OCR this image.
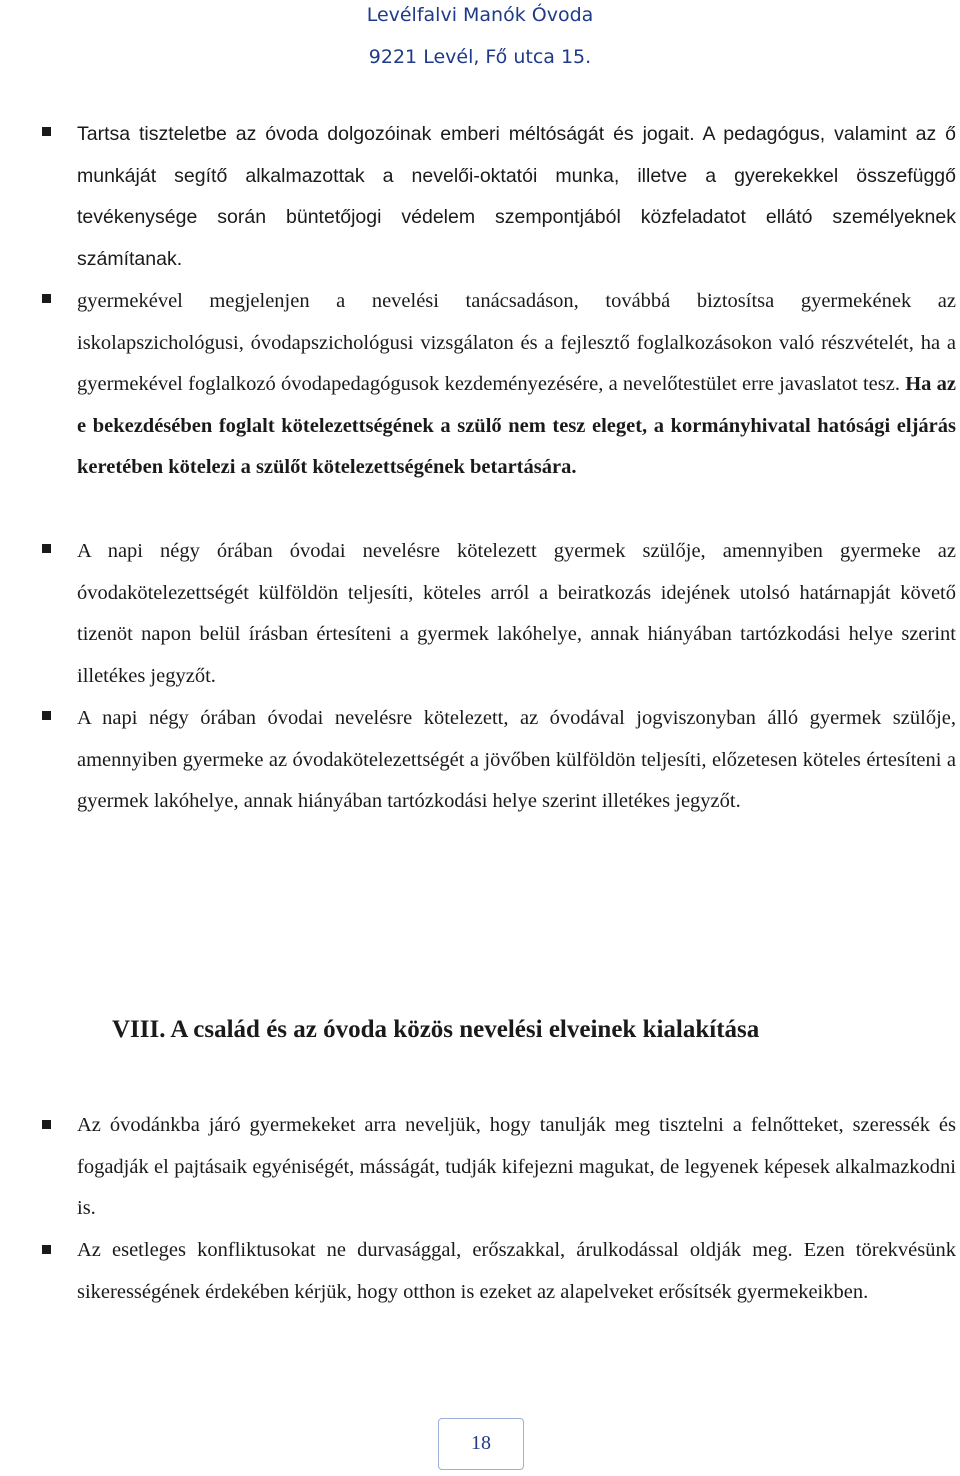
Levélfalvi Manók Óvoda
9221 Levél, Fő utca 15.
Tartsa tiszteletbe az óvoda dolgozóinak emberi méltóságát és jogait. A pedagógus, valamint az ő munkáját segítő alkalmazottak a nevelői-oktatói munka, illetve a gyerekekkel összefüggő tevékenysége során büntetőjogi védelem szempontjából közfeladatot ellátó személyeknek számítanak.
gyermekével megjelenjen a nevelési tanácsadáson, továbbá biztosítsa gyermekének az iskolapszichológusi, óvodapszichológusi vizsgálaton és a fejlesztő foglalkozásokon való részvételét, ha a gyermekével foglalkozó óvodapedagógusok kezdeményezésére, a nevelőtestület erre javaslatot tesz. Ha az e bekezdésében foglalt kötelezettségének a szülő nem tesz eleget, a kormányhivatal hatósági eljárás keretében kötelezi a szülőt kötelezettségének betartására.
A napi négy órában óvodai nevelésre kötelezett gyermek szülője, amennyiben gyermeke az óvodakötelezettségét külföldön teljesíti, köteles arról a beiratkozás idejének utolsó határnapját követő tizenöt napon belül írásban értesíteni a gyermek lakóhelye, annak hiányában tartózkodási helye szerint illetékes jegyzőt.
A napi négy órában óvodai nevelésre kötelezett, az óvodával jogviszonyban álló gyermek szülője, amennyiben gyermeke az óvodakötelezettségét a jövőben külföldön teljesíti, előzetesen köteles értesíteni a gyermek lakóhelye, annak hiányában tartózkodási helye szerint illetékes jegyzőt.
VIII. A család és az óvoda közös nevelési elveinek kialakítása
Az óvodánkba járó gyermekeket arra neveljük, hogy tanulják meg tisztelni a felnőtteket, szeressék és fogadják el pajtásaik egyéniségét, másságát, tudják kifejezni magukat, de legyenek képesek alkalmazkodni is.
Az esetleges konfliktusokat ne durvasággal, erőszakkal, árulkodással oldják meg. Ezen törekvésünk sikerességének érdekében kérjük, hogy otthon is ezeket az alapelveket erősítsék gyermekeikben.
18
